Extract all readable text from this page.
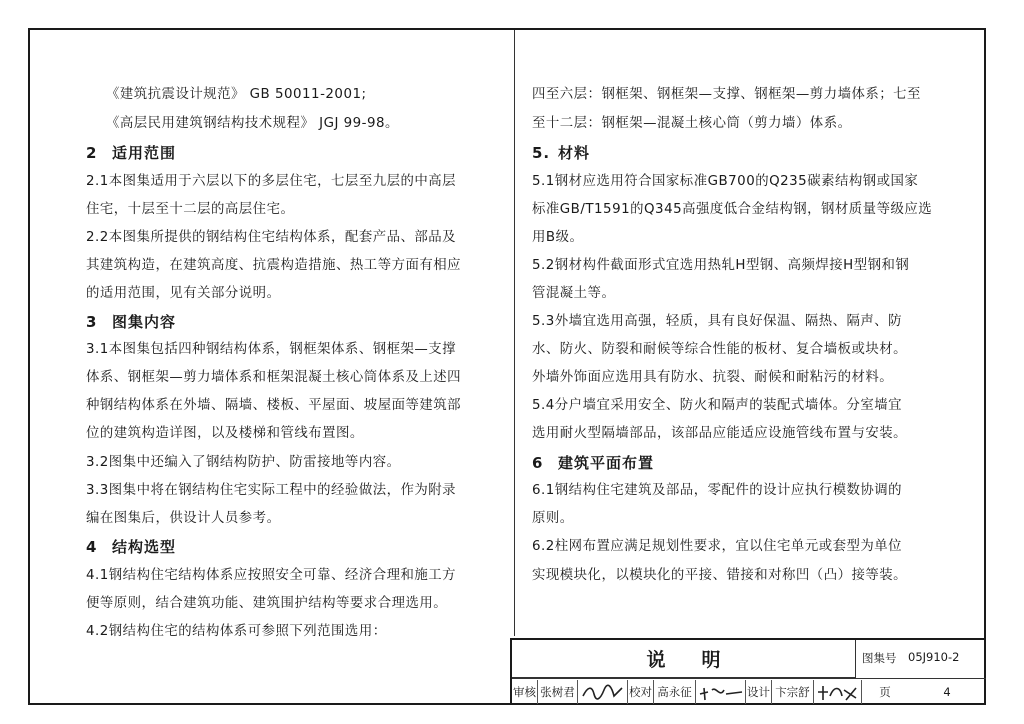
《建筑抗震设计规范》 GB 50011-2001;
《高层民用建筑钢结构技术规程》 JGJ 99-98。
2 适用范围
2.1本图集适用于六层以下的多层住宅，七层至九层的中高层
住宅，十层至十二层的高层住宅。
2.2本图集所提供的钢结构住宅结构体系，配套产品、部品及
其建筑构造，在建筑高度、抗震构造措施、热工等方面有相应
的适用范围，见有关部分说明。
3 图集内容
3.1本图集包括四种钢结构体系，钢框架体系、钢框架—支撑
体系、钢框架—剪力墙体系和框架混凝土核心筒体系及上述四
种钢结构体系在外墙、隔墙、楼板、平屋面、坡屋面等建筑部
位的建筑构造详图，以及楼梯和管线布置图。
3.2图集中还编入了钢结构防护、防雷接地等内容。
3.3图集中将在钢结构住宅实际工程中的经验做法，作为附录
编在图集后，供设计人员参考。
4 结构选型
4.1钢结构住宅结构体系应按照安全可靠、经济合理和施工方
便等原则，结合建筑功能、建筑围护结构等要求合理选用。
4.2钢结构住宅的结构体系可参照下列范围选用：
四至六层：钢框架、钢框架—支撑、钢框架—剪力墙体系；七至
至十二层：钢框架—混凝土核心筒（剪力墙）体系。
5. 材料
5.1钢材应选用符合国家标准GB700的Q235碳素结构钢或国家
标准GB/T1591的Q345高强度低合金结构钢，钢材质量等级应选
用B级。
5.2钢材构件截面形式宜选用热轧H型钢、高频焊接H型钢和钢
管混凝土等。
5.3外墙宜选用高强，轻质，具有良好保温、隔热、隔声、防
水、防火、防裂和耐候等综合性能的板材、复合墙板或块材。
外墙外饰面应选用具有防水、抗裂、耐候和耐粘污的材料。
5.4分户墙宜采用安全、防火和隔声的装配式墙体。分室墙宜
选用耐火型隔墙部品，该部品应能适应设施管线布置与安装。
6 建筑平面布置
6.1钢结构住宅建筑及部品，零配件的设计应执行模数协调的
原则。
6.2柱网布置应满足规划性要求，宜以住宅单元或套型为单位
实现模块化，以模块化的平接、错接和对称凹（凸）接等装。
说明	图集号 05J910-2
审核 张树君	校对 高永征	设计 卞宗舒	页	4
